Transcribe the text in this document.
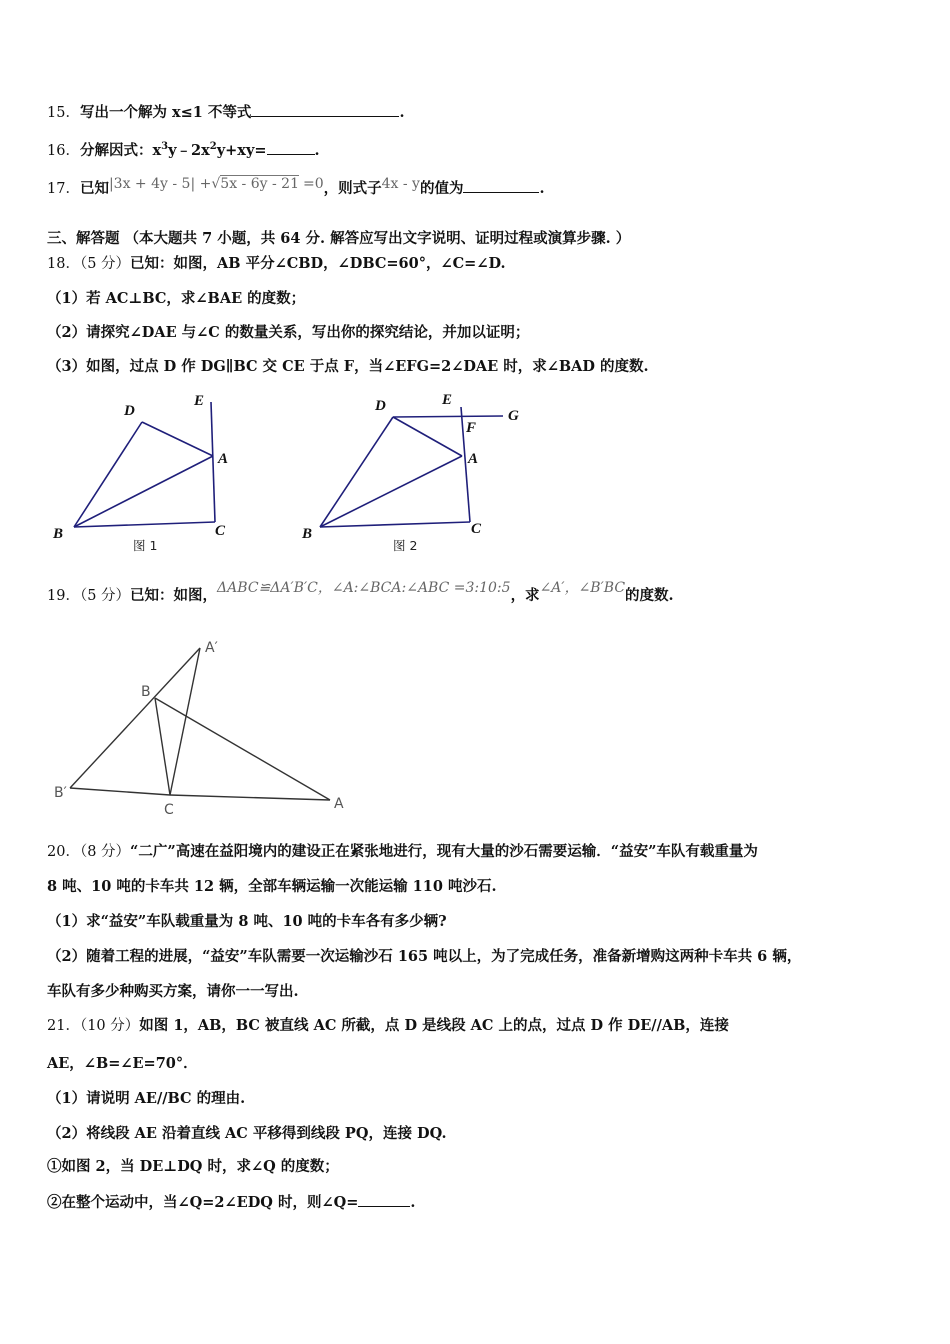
15．写出一个解为 x≤1 不等式	.
16．分解因式：$x^3y﹣2x^2y+xy=$	.
17．已知|3x + 4y - 5| +√5x - 6y - 21 =0，则式子4x - y的值为	.
三、解答题 （本大题共 7 小题，共 64 分. 解答应写出文字说明、证明过程或演算步骤. ）
18．（5 分）已知：如图，AB 平分∠CBD，∠DBC=60°，∠C=∠D.
（1）若 AC⊥BC，求∠BAE 的度数；
（2）请探究∠DAE 与∠C 的数量关系，写出你的探究结论，并加以证明；
（3）如图，过点 D 作 DG∥BC 交 CE 于点 F，当∠EFG=2∠DAE 时，求∠BAD 的度数.
D
E
A
B	C
图 1
D	E
G
F
A
B	C
图 2
A′
B
B′
C	A
19．（5 分）已知：如图，ΔABC≌ΔA′B′C，∠A:∠BCA:∠ABC =3:10:5，求∠A′，∠B′BC的度数.
20．（8 分）“二广”高速在益阳境内的建设正在紧张地进行，现有大量的沙石需要运输．“益安”车队有载重量为
8 吨、10 吨的卡车共 12 辆，全部车辆运输一次能运输 110 吨沙石.
（1）求“益安”车队载重量为 8 吨、10 吨的卡车各有多少辆?
（2）随着工程的进展，“益安”车队需要一次运输沙石 165 吨以上，为了完成任务，准备新增购这两种卡车共 6 辆，
车队有多少种购买方案，请你一一写出.
21．（10 分）如图 1，AB，BC 被直线 AC 所截，点 D 是线段 AC 上的点，过点 D 作 DE//AB，连接
AE，∠B=∠E=70°．
（1）请说明 AE//BC 的理由.
（2）将线段 AE 沿着直线 AC 平移得到线段 PQ，连接 DQ.
①如图 2，当 DE⊥DQ 时，求∠Q 的度数；
②在整个运动中，当∠Q=2∠EDQ 时，则∠Q=	.
